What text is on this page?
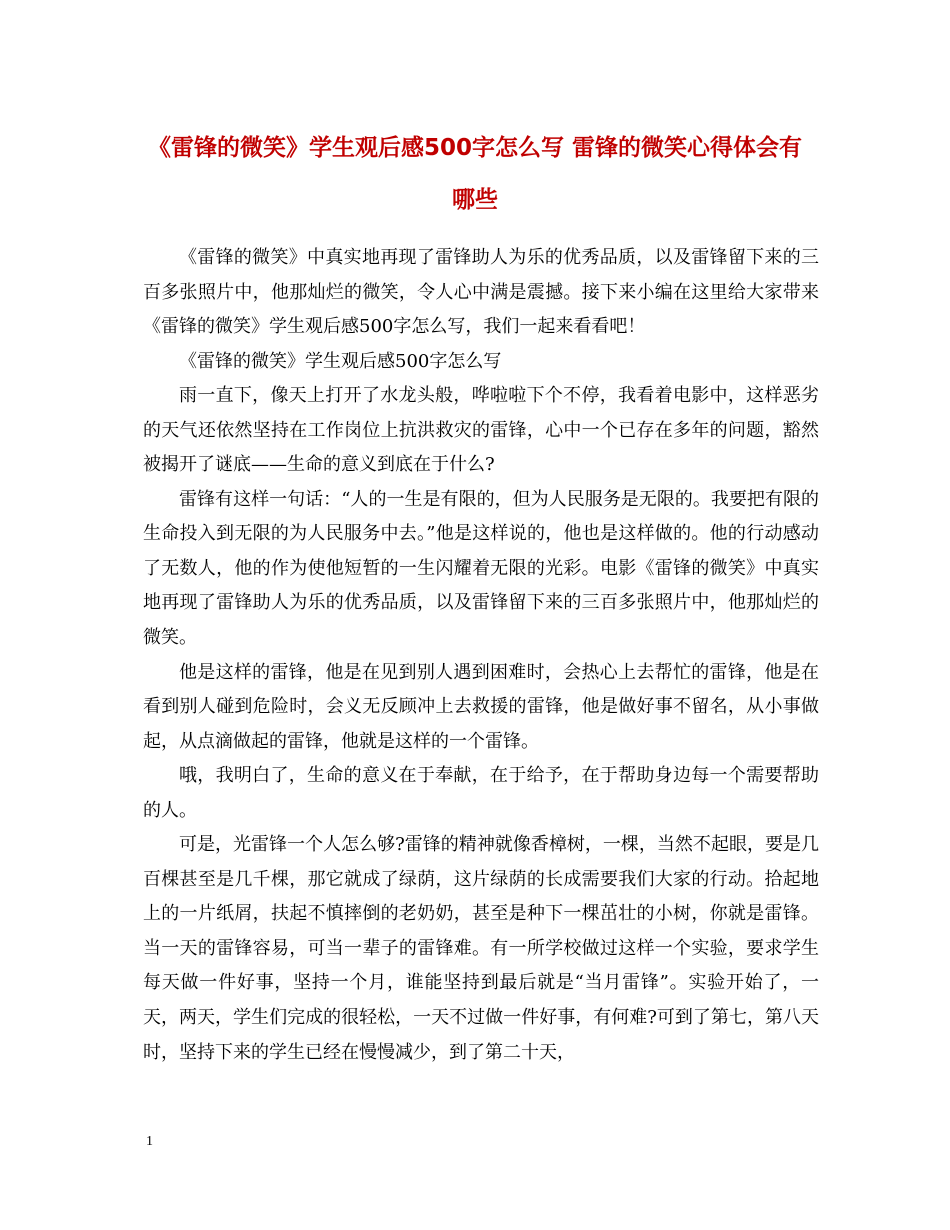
《雷锋的微笑》学生观后感500字怎么写 雷锋的微笑心得体会有哪些

《雷锋的微笑》中真实地再现了雷锋助人为乐的优秀品质，以及雷锋留下来的三百多张照片中，他那灿烂的微笑，令人心中满是震撼。接下来小编在这里给大家带来《雷锋的微笑》学生观后感500字怎么写，我们一起来看看吧！

《雷锋的微笑》学生观后感500字怎么写

雨一直下，像天上打开了水龙头般，哗啦啦下个不停，我看着电影中，这样恶劣的天气还依然坚持在工作岗位上抗洪救灾的雷锋，心中一个已存在多年的问题，豁然被揭开了谜底——生命的意义到底在于什么?

雷锋有这样一句话：“人的一生是有限的，但为人民服务是无限的。我要把有限的生命投入到无限的为人民服务中去。”他是这样说的，他也是这样做的。他的行动感动了无数人，他的作为使他短暂的一生闪耀着无限的光彩。电影《雷锋的微笑》中真实地再现了雷锋助人为乐的优秀品质，以及雷锋留下来的三百多张照片中，他那灿烂的微笑。

他是这样的雷锋，他是在见到别人遇到困难时，会热心上去帮忙的雷锋，他是在看到别人碰到危险时，会义无反顾冲上去救援的雷锋，他是做好事不留名，从小事做起，从点滴做起的雷锋，他就是这样的一个雷锋。

哦，我明白了，生命的意义在于奉献，在于给予，在于帮助身边每一个需要帮助的人。

可是，光雷锋一个人怎么够?雷锋的精神就像香樟树，一棵，当然不起眼，要是几百棵甚至是几千棵，那它就成了绿荫，这片绿荫的长成需要我们大家的行动。拾起地上的一片纸屑，扶起不慎摔倒的老奶奶，甚至是种下一棵茁壮的小树，你就是雷锋。当一天的雷锋容易，可当一辈子的雷锋难。有一所学校做过这样一个实验，要求学生每天做一件好事，坚持一个月，谁能坚持到最后就是“当月雷锋”。实验开始了，一天，两天，学生们完成的很轻松，一天不过做一件好事，有何难?可到了第七，第八天时，坚持下来的学生已经在慢慢减少，到了第二十天，

1
